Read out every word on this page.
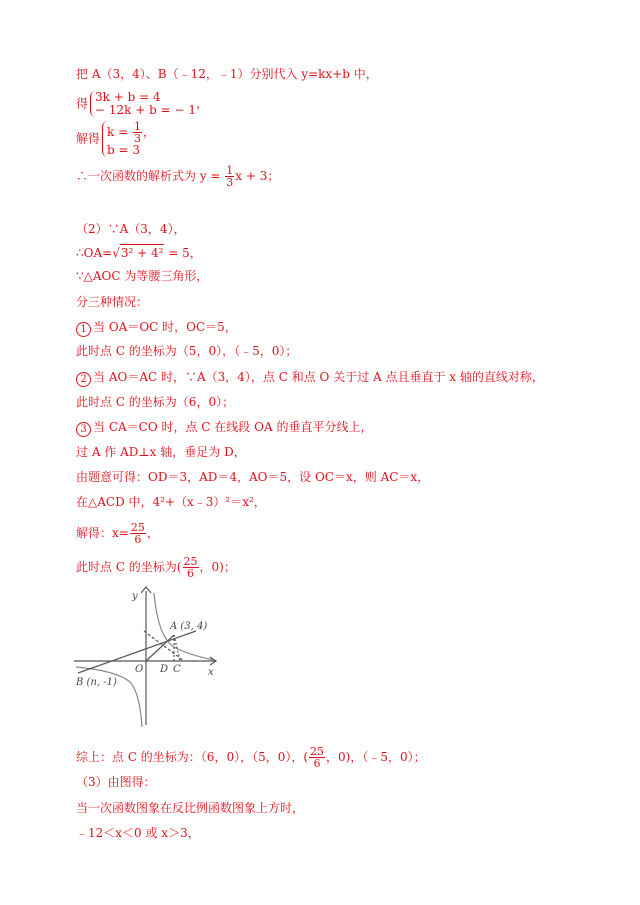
把 A（3，4）、B（﹣12，﹣1）分别代入 y=kx+b 中，
得 3k + b = 4
− 12k + b = − 1 ，
解得 $k = \frac{1}{3}$ ，
b = 3
∴一次函数的解析式为 $y = \frac{1}{3}$ x + 3；
（2）∵A（3，4），
∴OA=√3² + 4² = 5，
∵△AOC 为等腰三角形，
分三种情况：
1 当 OA＝OC 时，OC＝5，
此时点 C 的坐标为（5，0），（﹣5，0）；
2 当 AO＝AC 时，∵A（3，4），点 C 和点 O 关于过 A 点且垂直于 x 轴的直线对称，
此时点 C 的坐标为（6，0）；
3 当 CA＝CO 时，点 C 在线段 OA 的垂直平分线上，
过 A 作 AD⊥x 轴，垂足为 D，
由题意可得：OD＝3，AD＝4，AO＝5，设 OC＝x，则 AC＝x，
在△ACD 中，4²+（x﹣3）²＝x²，
解得：$x= \frac{25}{6}$ ，
此时点 C 的坐标为( $\frac{25}{6}$ ，0)；
y
x
O
A (3, 4)
B (n, -1)
D C
综上：点 C 的坐标为：（6，0），（5，0），( $\frac{25}{6}$ ，0)，（﹣5，0）；
（3）由图得：
当一次函数图象在反比例函数图象上方时，
﹣12＜x＜0 或 x＞3，
